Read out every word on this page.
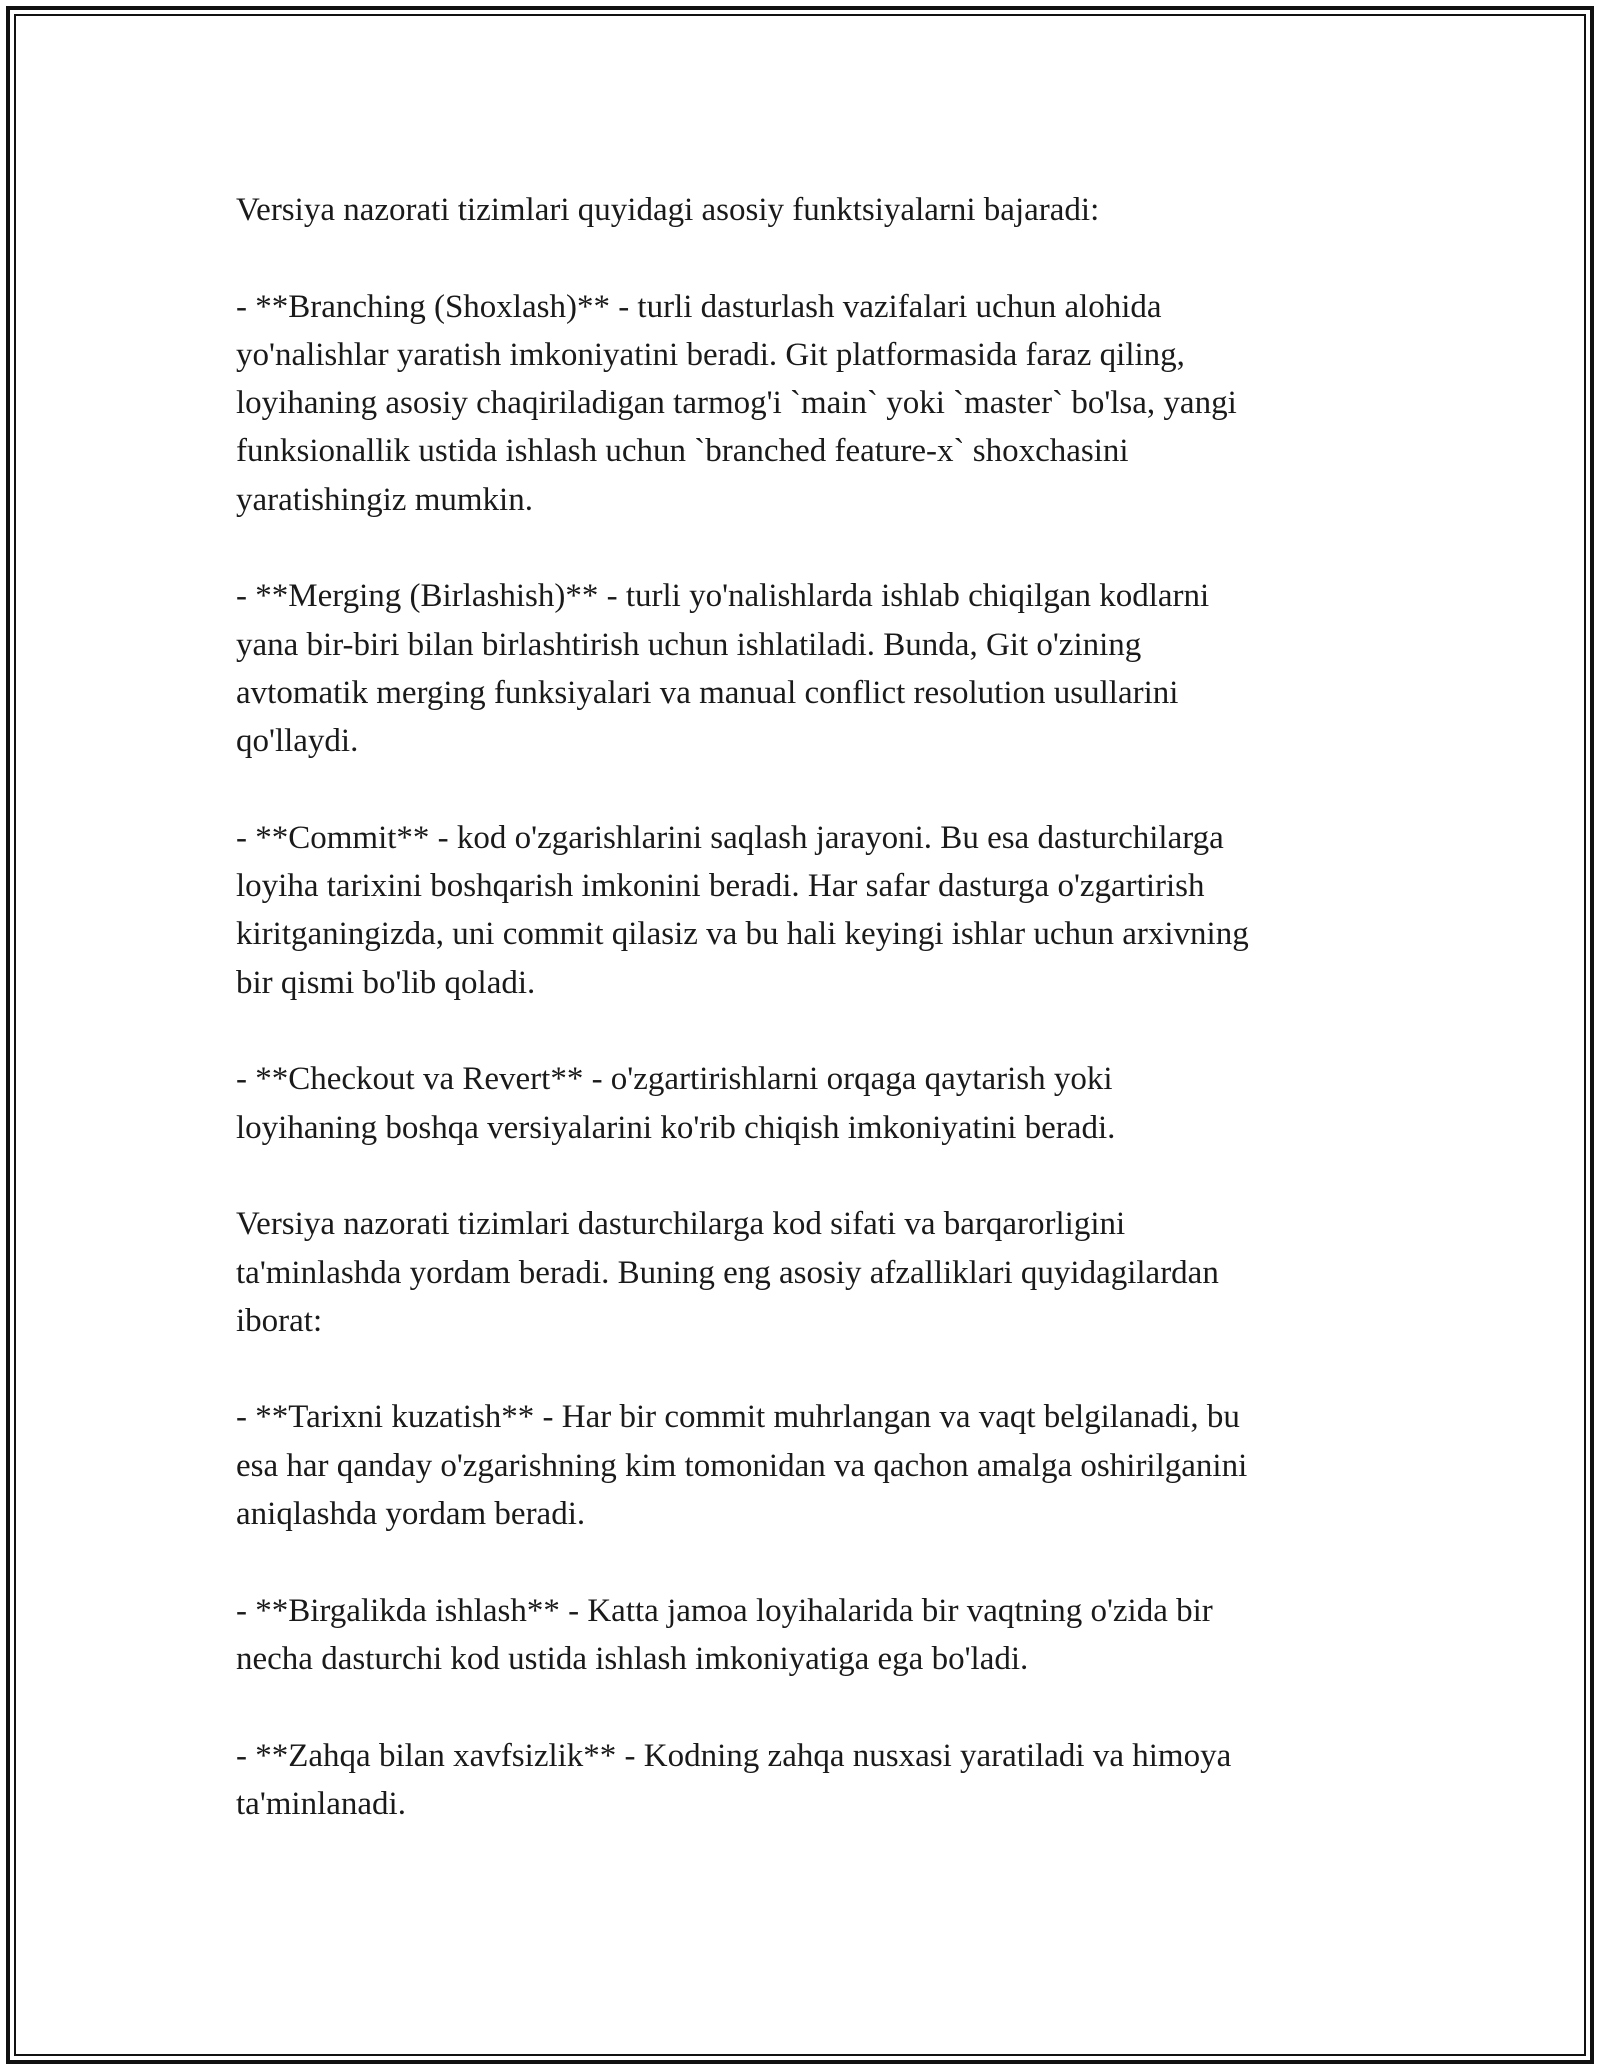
Versiya nazorati tizimlari quyidagi asosiy funktsiyalarni bajaradi:

- **Branching (Shoxlash)** - turli dasturlash vazifalari uchun alohida
yo'nalishlar yaratish imkoniyatini beradi. Git platformasida faraz qiling,
loyihaning asosiy chaqiriladigan tarmog'i `main` yoki `master` bo'lsa, yangi
funksionallik ustida ishlash uchun `branched feature-x` shoxchasini
yaratishingiz mumkin.

- **Merging (Birlashish)** - turli yo'nalishlarda ishlab chiqilgan kodlarni
yana bir-biri bilan birlashtirish uchun ishlatiladi. Bunda, Git o'zining
avtomatik merging funksiyalari va manual conflict resolution usullarini
qo'llaydi.

- **Commit** - kod o'zgarishlarini saqlash jarayoni. Bu esa dasturchilarga
loyiha tarixini boshqarish imkonini beradi. Har safar dasturga o'zgartirish
kiritganingizda, uni commit qilasiz va bu hali keyingi ishlar uchun arxivning
bir qismi bo'lib qoladi.

- **Checkout va Revert** - o'zgartirishlarni orqaga qaytarish yoki
loyihaning boshqa versiyalarini ko'rib chiqish imkoniyatini beradi.

Versiya nazorati tizimlari dasturchilarga kod sifati va barqarorligini
ta'minlashda yordam beradi. Buning eng asosiy afzalliklari quyidagilardan
iborat:

- **Tarixni kuzatish** - Har bir commit muhrlangan va vaqt belgilanadi, bu
esa har qanday o'zgarishning kim tomonidan va qachon amalga oshirilganini
aniqlashda yordam beradi.

- **Birgalikda ishlash** - Katta jamoa loyihalarida bir vaqtning o'zida bir
necha dasturchi kod ustida ishlash imkoniyatiga ega bo'ladi.

- **Zahqa bilan xavfsizlik** - Kodning zahqa nusxasi yaratiladi va himoya
ta'minlanadi.
